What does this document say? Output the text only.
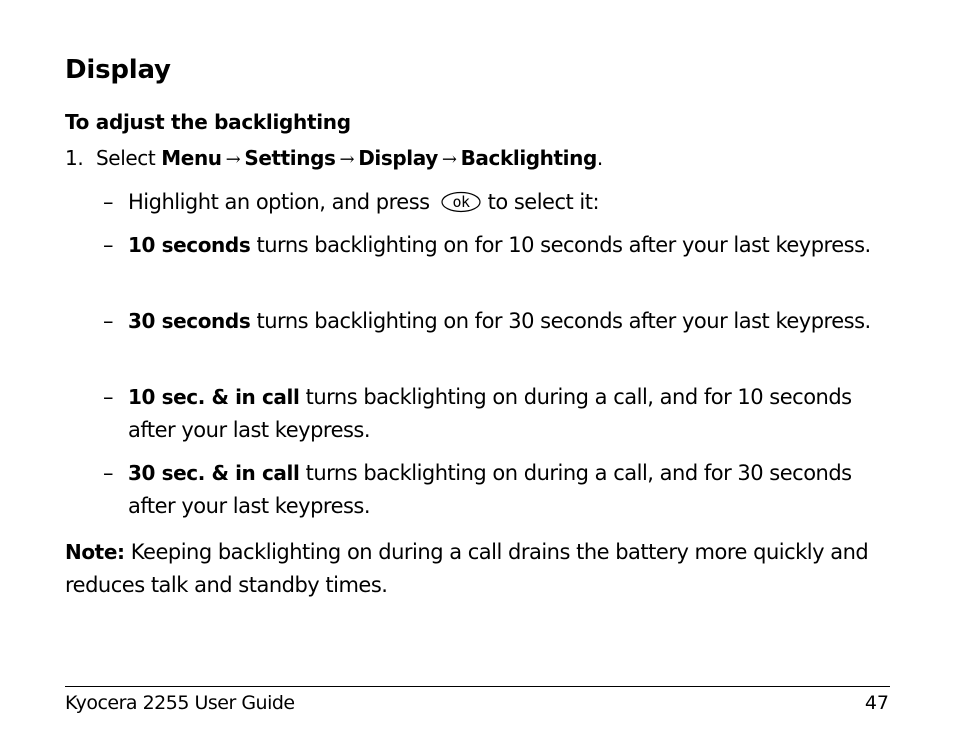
Display
To adjust the backlighting
1. Select Menu → Settings → Display → Backlighting.
– Highlight an option, and press ok to select it:
– 10 seconds turns backlighting on for 10 seconds after your last keypress.
– 30 seconds turns backlighting on for 30 seconds after your last keypress.
– 10 sec. & in call turns backlighting on during a call, and for 10 seconds after your last keypress.
– 30 sec. & in call turns backlighting on during a call, and for 30 seconds after your last keypress.
Note: Keeping backlighting on during a call drains the battery more quickly and reduces talk and standby times.
Kyocera 2255 User Guide	47
